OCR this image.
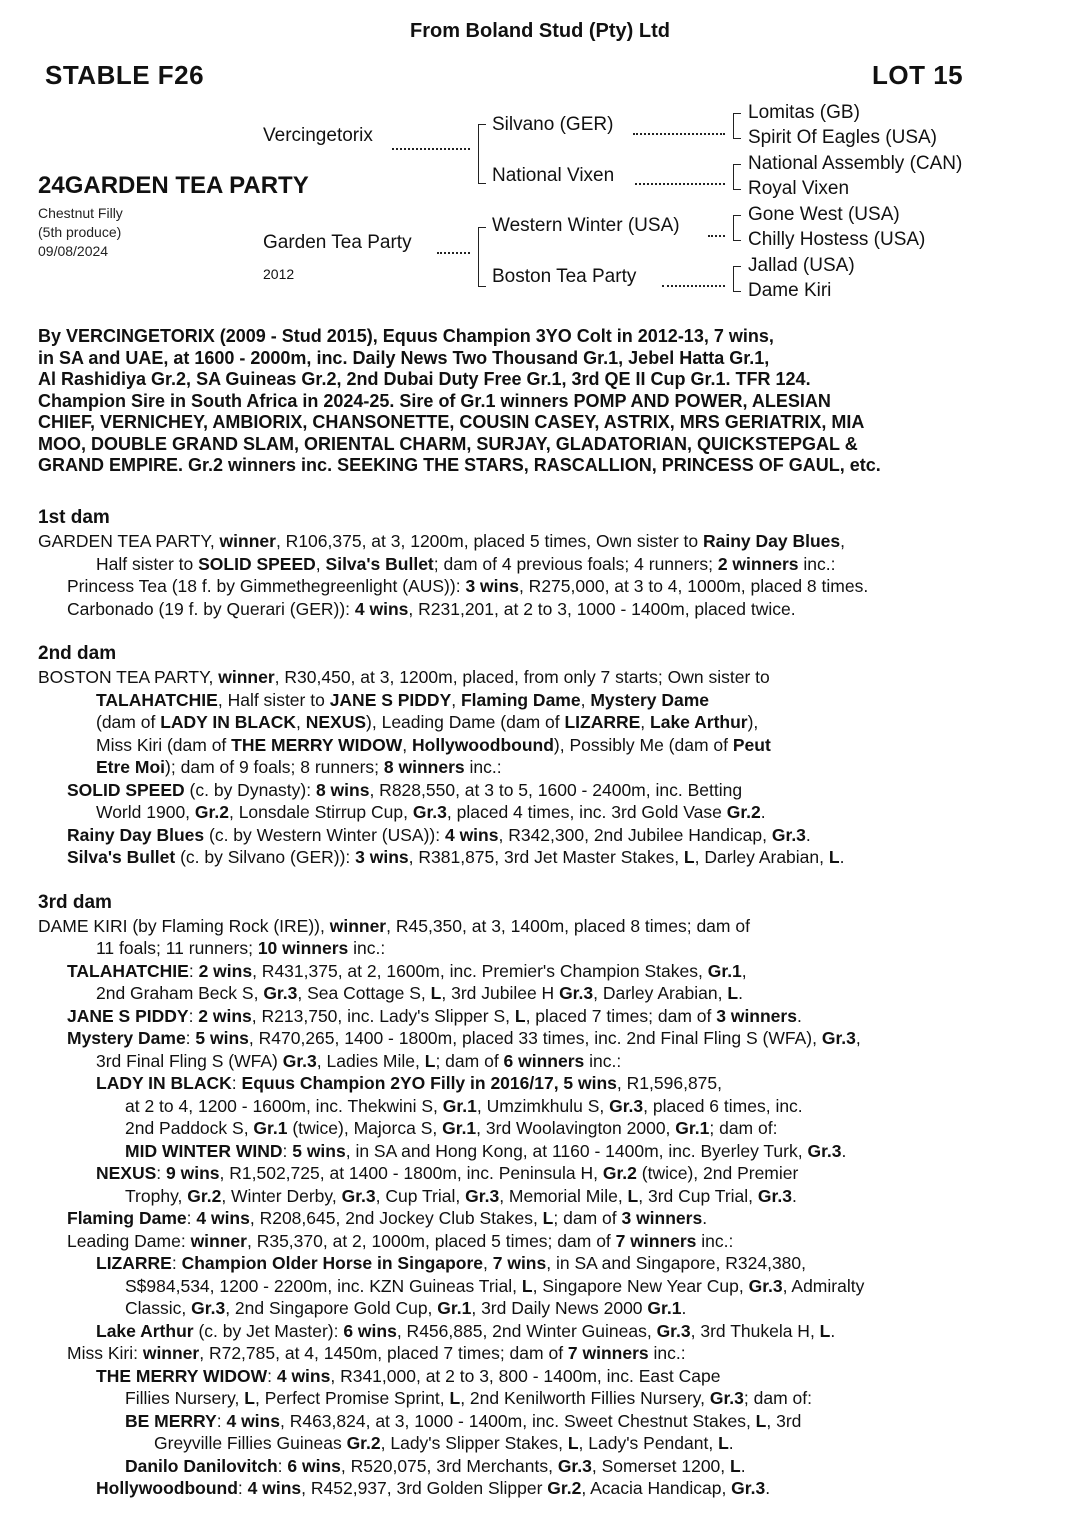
From Boland Stud (Pty) Ltd
STABLE F26	LOT 15
24GARDEN TEA PARTY
Chestnut Filly
(5th produce)
09/08/2024
Vercingetorix
Garden Tea Party
2012
Silvano (GER)
National Vixen
Western Winter (USA)
Boston Tea Party
Lomitas (GB)
Spirit Of Eagles (USA)
National Assembly (CAN)
Royal Vixen
Gone West (USA)
Chilly Hostess (USA)
Jallad (USA)
Dame Kiri
By VERCINGETORIX (2009 - Stud 2015), Equus Champion 3YO Colt in 2012-13, 7 wins,
in SA and UAE, at 1600 - 2000m, inc. Daily News Two Thousand Gr.1, Jebel Hatta Gr.1,
Al Rashidiya Gr.2, SA Guineas Gr.2, 2nd Dubai Duty Free Gr.1, 3rd QE II Cup Gr.1. TFR 124.
Champion Sire in South Africa in 2024-25. Sire of Gr.1 winners POMP AND POWER, ALESIAN
CHIEF, VERNICHEY, AMBIORIX, CHANSONETTE, COUSIN CASEY, ASTRIX, MRS GERIATRIX, MIA
MOO, DOUBLE GRAND SLAM, ORIENTAL CHARM, SURJAY, GLADATORIAN, QUICKSTEPGAL &
GRAND EMPIRE. Gr.2 winners inc. SEEKING THE STARS, RASCALLION, PRINCESS OF GAUL, etc.
1st dam
GARDEN TEA PARTY, winner, R106,375, at 3, 1200m, placed 5 times, Own sister to Rainy Day Blues,
Half sister to SOLID SPEED, Silva's Bullet; dam of 4 previous foals; 4 runners; 2 winners inc.:
Princess Tea (18 f. by Gimmethegreenlight (AUS)): 3 wins, R275,000, at 3 to 4, 1000m, placed 8 times.
Carbonado (19 f. by Querari (GER)): 4 wins, R231,201, at 2 to 3, 1000 - 1400m, placed twice.
2nd dam
BOSTON TEA PARTY, winner, R30,450, at 3, 1200m, placed, from only 7 starts; Own sister to
TALAHATCHIE, Half sister to JANE S PIDDY, Flaming Dame, Mystery Dame
(dam of LADY IN BLACK, NEXUS), Leading Dame (dam of LIZARRE, Lake Arthur),
Miss Kiri (dam of THE MERRY WIDOW, Hollywoodbound), Possibly Me (dam of Peut
Etre Moi); dam of 9 foals; 8 runners; 8 winners inc.:
SOLID SPEED (c. by Dynasty): 8 wins, R828,550, at 3 to 5, 1600 - 2400m, inc. Betting
World 1900, Gr.2, Lonsdale Stirrup Cup, Gr.3, placed 4 times, inc. 3rd Gold Vase Gr.2.
Rainy Day Blues (c. by Western Winter (USA)): 4 wins, R342,300, 2nd Jubilee Handicap, Gr.3.
Silva's Bullet (c. by Silvano (GER)): 3 wins, R381,875, 3rd Jet Master Stakes, L, Darley Arabian, L.
3rd dam
DAME KIRI (by Flaming Rock (IRE)), winner, R45,350, at 3, 1400m, placed 8 times; dam of
11 foals; 11 runners; 10 winners inc.:
TALAHATCHIE: 2 wins, R431,375, at 2, 1600m, inc. Premier's Champion Stakes, Gr.1,
2nd Graham Beck S, Gr.3, Sea Cottage S, L, 3rd Jubilee H Gr.3, Darley Arabian, L.
JANE S PIDDY: 2 wins, R213,750, inc. Lady's Slipper S, L, placed 7 times; dam of 3 winners.
Mystery Dame: 5 wins, R470,265, 1400 - 1800m, placed 33 times, inc. 2nd Final Fling S (WFA), Gr.3,
3rd Final Fling S (WFA) Gr.3, Ladies Mile, L; dam of 6 winners inc.:
LADY IN BLACK: Equus Champion 2YO Filly in 2016/17, 5 wins, R1,596,875,
at 2 to 4, 1200 - 1600m, inc. Thekwini S, Gr.1, Umzimkhulu S, Gr.3, placed 6 times, inc.
2nd Paddock S, Gr.1 (twice), Majorca S, Gr.1, 3rd Woolavington 2000, Gr.1; dam of:
MID WINTER WIND: 5 wins, in SA and Hong Kong, at 1160 - 1400m, inc. Byerley Turk, Gr.3.
NEXUS: 9 wins, R1,502,725, at 1400 - 1800m, inc. Peninsula H, Gr.2 (twice), 2nd Premier
Trophy, Gr.2, Winter Derby, Gr.3, Cup Trial, Gr.3, Memorial Mile, L, 3rd Cup Trial, Gr.3.
Flaming Dame: 4 wins, R208,645, 2nd Jockey Club Stakes, L; dam of 3 winners.
Leading Dame: winner, R35,370, at 2, 1000m, placed 5 times; dam of 7 winners inc.:
LIZARRE: Champion Older Horse in Singapore, 7 wins, in SA and Singapore, R324,380,
S$984,534, 1200 - 2200m, inc. KZN Guineas Trial, L, Singapore New Year Cup, Gr.3, Admiralty
Classic, Gr.3, 2nd Singapore Gold Cup, Gr.1, 3rd Daily News 2000 Gr.1.
Lake Arthur (c. by Jet Master): 6 wins, R456,885, 2nd Winter Guineas, Gr.3, 3rd Thukela H, L.
Miss Kiri: winner, R72,785, at 4, 1450m, placed 7 times; dam of 7 winners inc.:
THE MERRY WIDOW: 4 wins, R341,000, at 2 to 3, 800 - 1400m, inc. East Cape
Fillies Nursery, L, Perfect Promise Sprint, L, 2nd Kenilworth Fillies Nursery, Gr.3; dam of:
BE MERRY: 4 wins, R463,824, at 3, 1000 - 1400m, inc. Sweet Chestnut Stakes, L, 3rd
Greyville Fillies Guineas Gr.2, Lady's Slipper Stakes, L, Lady's Pendant, L.
Danilo Danilovitch: 6 wins, R520,075, 3rd Merchants, Gr.3, Somerset 1200, L.
Hollywoodbound: 4 wins, R452,937, 3rd Golden Slipper Gr.2, Acacia Handicap, Gr.3.
